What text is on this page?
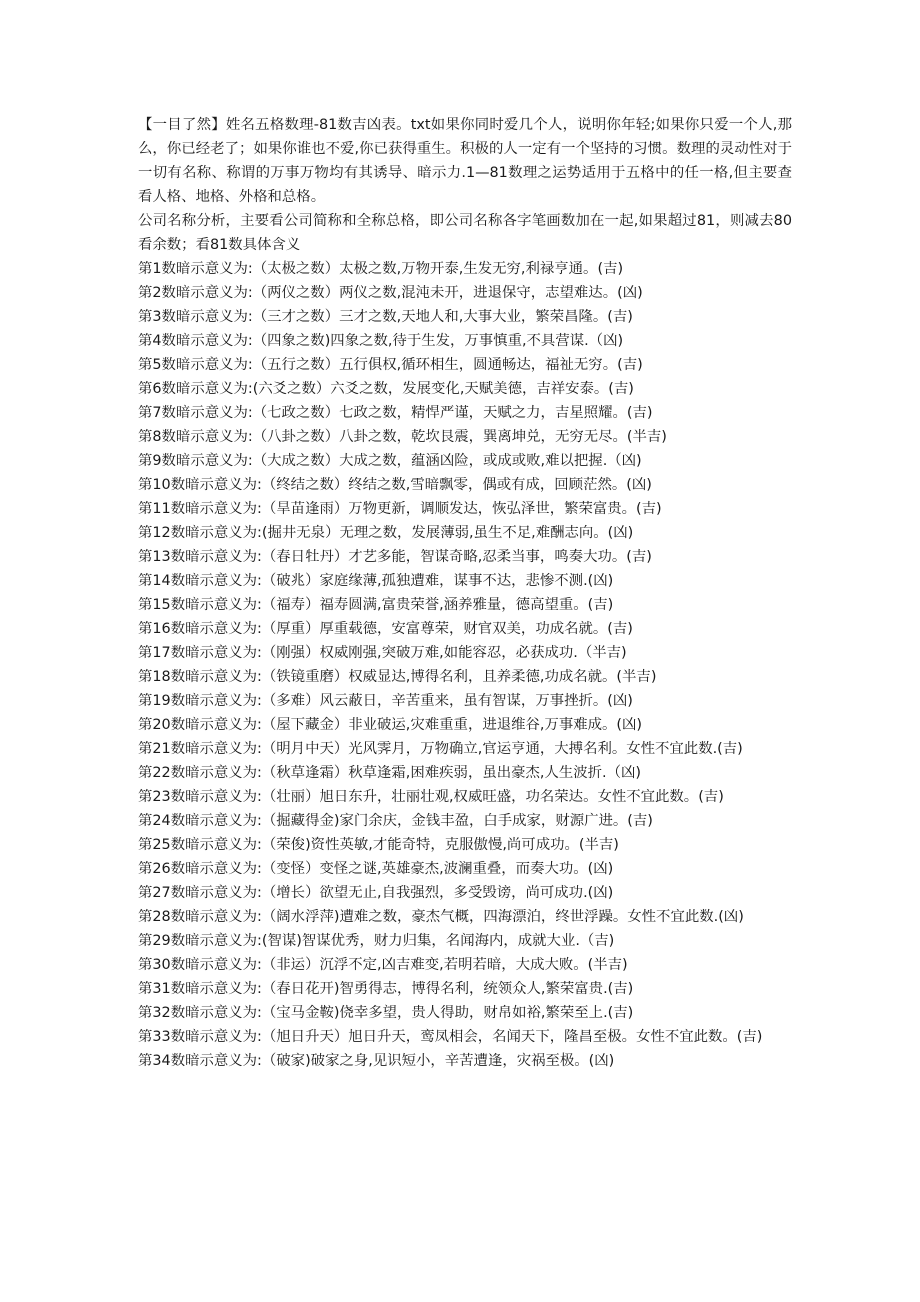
【一目了然】姓名五格数理-81数吉凶表。txt如果你同时爱几个人，说明你年轻;如果你只爱一个人,那么，你已经老了；如果你谁也不爱,你已获得重生。积极的人一定有一个坚持的习惯。数理的灵动性对于一切有名称、称谓的万事万物均有其诱导、暗示力.1—81数理之运势适用于五格中的任一格,但主要查看人格、地格、外格和总格。

公司名称分析，主要看公司简称和全称总格，即公司名称各字笔画数加在一起,如果超过81，则减去80看余数；看81数具体含义

第1数暗示意义为:（太极之数）太极之数,万物开泰,生发无穷,利禄亨通。(吉)

第2数暗示意义为:（两仪之数）两仪之数,混沌未开，进退保守，志望难达。(凶)

第3数暗示意义为:（三才之数）三才之数,天地人和,大事大业，繁荣昌隆。(吉)

第4数暗示意义为:（四象之数)四象之数,待于生发，万事慎重,不具营谋.（凶)

第5数暗示意义为:（五行之数）五行俱权,循环相生，圆通畅达，福祉无穷。(吉)

第6数暗示意义为:(六爻之数）六爻之数，发展变化,天赋美德，吉祥安泰。(吉)

第7数暗示意义为:（七政之数）七政之数，精悍严谨，天赋之力，吉星照耀。(吉)

第8数暗示意义为:（八卦之数）八卦之数，乾坎艮震，巽离坤兑，无穷无尽。(半吉)

第9数暗示意义为:（大成之数）大成之数，蕴涵凶险，或成或败,难以把握.（凶)

第10数暗示意义为:（终结之数）终结之数,雪暗飘零，偶或有成，回顾茫然。(凶)

第11数暗示意义为:（旱苗逢雨）万物更新，调顺发达，恢弘泽世，繁荣富贵。(吉)

第12数暗示意义为:(掘井无泉）无理之数，发展薄弱,虽生不足,难酬志向。(凶)

第13数暗示意义为:（春日牡丹）才艺多能，智谋奇略,忍柔当事，鸣奏大功。(吉)

第14数暗示意义为:（破兆）家庭缘薄,孤独遭难，谋事不达，悲惨不测.(凶)

第15数暗示意义为:（福寿）福寿圆满,富贵荣誉,涵养雅量，德高望重。(吉)

第16数暗示意义为:（厚重）厚重载德，安富尊荣，财官双美，功成名就。(吉)

第17数暗示意义为:（刚强）权威刚强,突破万难,如能容忍，必获成功.（半吉)

第18数暗示意义为:（铁镜重磨）权威显达,博得名利，且养柔德,功成名就。(半吉)

第19数暗示意义为:（多难）风云蔽日，辛苦重来，虽有智谋，万事挫折。(凶)

第20数暗示意义为:（屋下藏金）非业破运,灾难重重，进退维谷,万事难成。(凶)

第21数暗示意义为:（明月中天）光风霁月，万物确立,官运亨通，大搏名利。女性不宜此数.(吉)

第22数暗示意义为:（秋草逢霜）秋草逢霜,困难疾弱，虽出豪杰,人生波折.（凶)

第23数暗示意义为:（壮丽）旭日东升，壮丽壮观,权威旺盛，功名荣达。女性不宜此数。(吉)

第24数暗示意义为:（掘藏得金)家门余庆，金钱丰盈，白手成家，财源广进。(吉)

第25数暗示意义为:（荣俊)资性英敏,才能奇特，克服傲慢,尚可成功。(半吉)

第26数暗示意义为:（变怪）变怪之谜,英雄豪杰,波澜重叠，而奏大功。(凶)

第27数暗示意义为:（增长）欲望无止,自我强烈，多受毁谤，尚可成功.(凶)

第28数暗示意义为:（阔水浮萍)遭难之数，豪杰气概，四海漂泊，终世浮躁。女性不宜此数.(凶)

第29数暗示意义为:(智谋)智谋优秀，财力归集，名闻海内，成就大业.（吉)

第30数暗示意义为:（非运）沉浮不定,凶吉难变,若明若暗，大成大败。(半吉)

第31数暗示意义为:（春日花开)智勇得志，博得名利，统领众人,繁荣富贵.(吉)

第32数暗示意义为:（宝马金鞍)侥幸多望，贵人得助，财帛如裕,繁荣至上.(吉)

第33数暗示意义为:（旭日升天）旭日升天，鸾凤相会，名闻天下，隆昌至极。女性不宜此数。(吉)

第34数暗示意义为:（破家)破家之身,见识短小，辛苦遭逢，灾祸至极。(凶)
